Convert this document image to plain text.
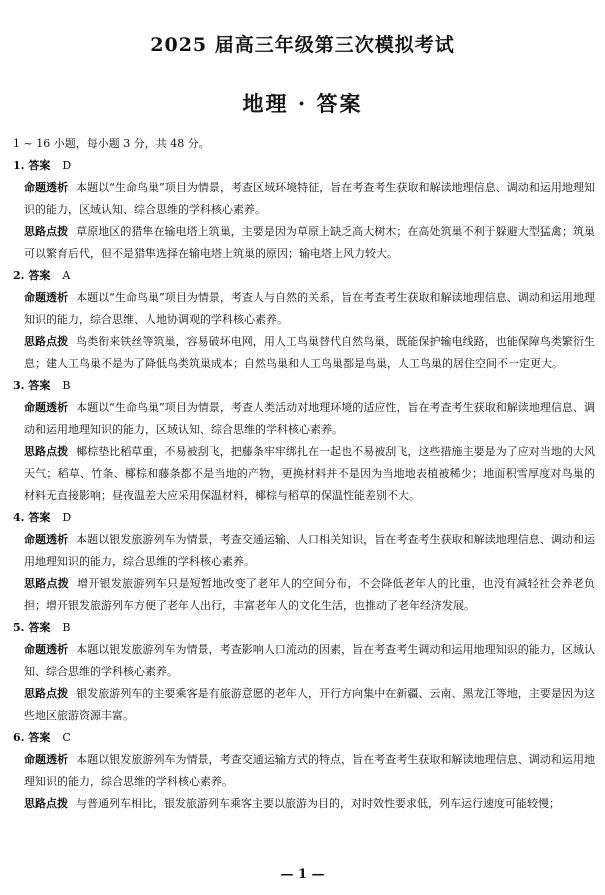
2025 届高三年级第三次模拟考试
地理 · 答案

1 ~ 16 小题，每小题 3 分，共 48 分。

1. 答案 D

命题透析 本题以“生命鸟巢”项目为情景，考查区域环境特征，旨在考查考生获取和解读地理信息、调动和运用地理知识的能力，区域认知、综合思维的学科核心素养。

思路点拨 草原地区的猎隼在输电塔上筑巢，主要是因为草原上缺乏高大树木；在高处筑巢不利于躲避大型猛禽；筑巢可以繁育后代，但不是猎隼选择在输电塔上筑巢的原因；输电塔上风力较大。

2. 答案 A

命题透析 本题以“生命鸟巢”项目为情景，考查人与自然的关系，旨在考查考生获取和解读地理信息、调动和运用地理知识的能力，综合思维、人地协调观的学科核心素养。

思路点拨 鸟类衔来铁丝等筑巢，容易破坏电网，用人工鸟巢替代自然鸟巢，既能保护输电线路，也能保障鸟类繁衍生息；建人工鸟巢不是为了降低鸟类筑巢成本；自然鸟巢和人工鸟巢都是鸟巢，人工鸟巢的居住空间不一定更大。

3. 答案 B

命题透析 本题以“生命鸟巢”项目为情景，考查人类活动对地理环境的适应性，旨在考查考生获取和解读地理信息、调动和运用地理知识的能力，区域认知、综合思维的学科核心素养。

思路点拨 椰棕垫比稻草重，不易被刮飞，把藤条牢牢绑扎在一起也不易被刮飞，这些措施主要是为了应对当地的大风天气；稻草、竹条、椰棕和藤条都不是当地的产物，更换材料并不是因为当地地表植被稀少；地面积雪厚度对鸟巢的材料无直接影响；昼夜温差大应采用保温材料，椰棕与稻草的保温性能差别不大。

4. 答案 D

命题透析 本题以银发旅游列车为情景，考查交通运输、人口相关知识，旨在考查考生获取和解读地理信息、调动和运用地理知识的能力，综合思维的学科核心素养。

思路点拨 增开银发旅游列车只是短暂地改变了老年人的空间分布，不会降低老年人的比重，也没有减轻社会养老负担；增开银发旅游列车方便了老年人出行，丰富老年人的文化生活，也推动了老年经济发展。

5. 答案 B

命题透析 本题以银发旅游列车为情景，考查影响人口流动的因素，旨在考查考生调动和运用地理知识的能力，区域认知、综合思维的学科核心素养。

思路点拨 银发旅游列车的主要乘客是有旅游意愿的老年人，开行方向集中在新疆、云南、黑龙江等地，主要是因为这些地区旅游资源丰富。

6. 答案 C

命题透析 本题以银发旅游列车为情景，考查交通运输方式的特点，旨在考查考生获取和解读地理信息、调动和运用地理知识的能力，综合思维的学科核心素养。

思路点拨 与普通列车相比，银发旅游列车乘客主要以旅游为目的，对时效性要求低，列车运行速度可能较慢；

— 1 —
